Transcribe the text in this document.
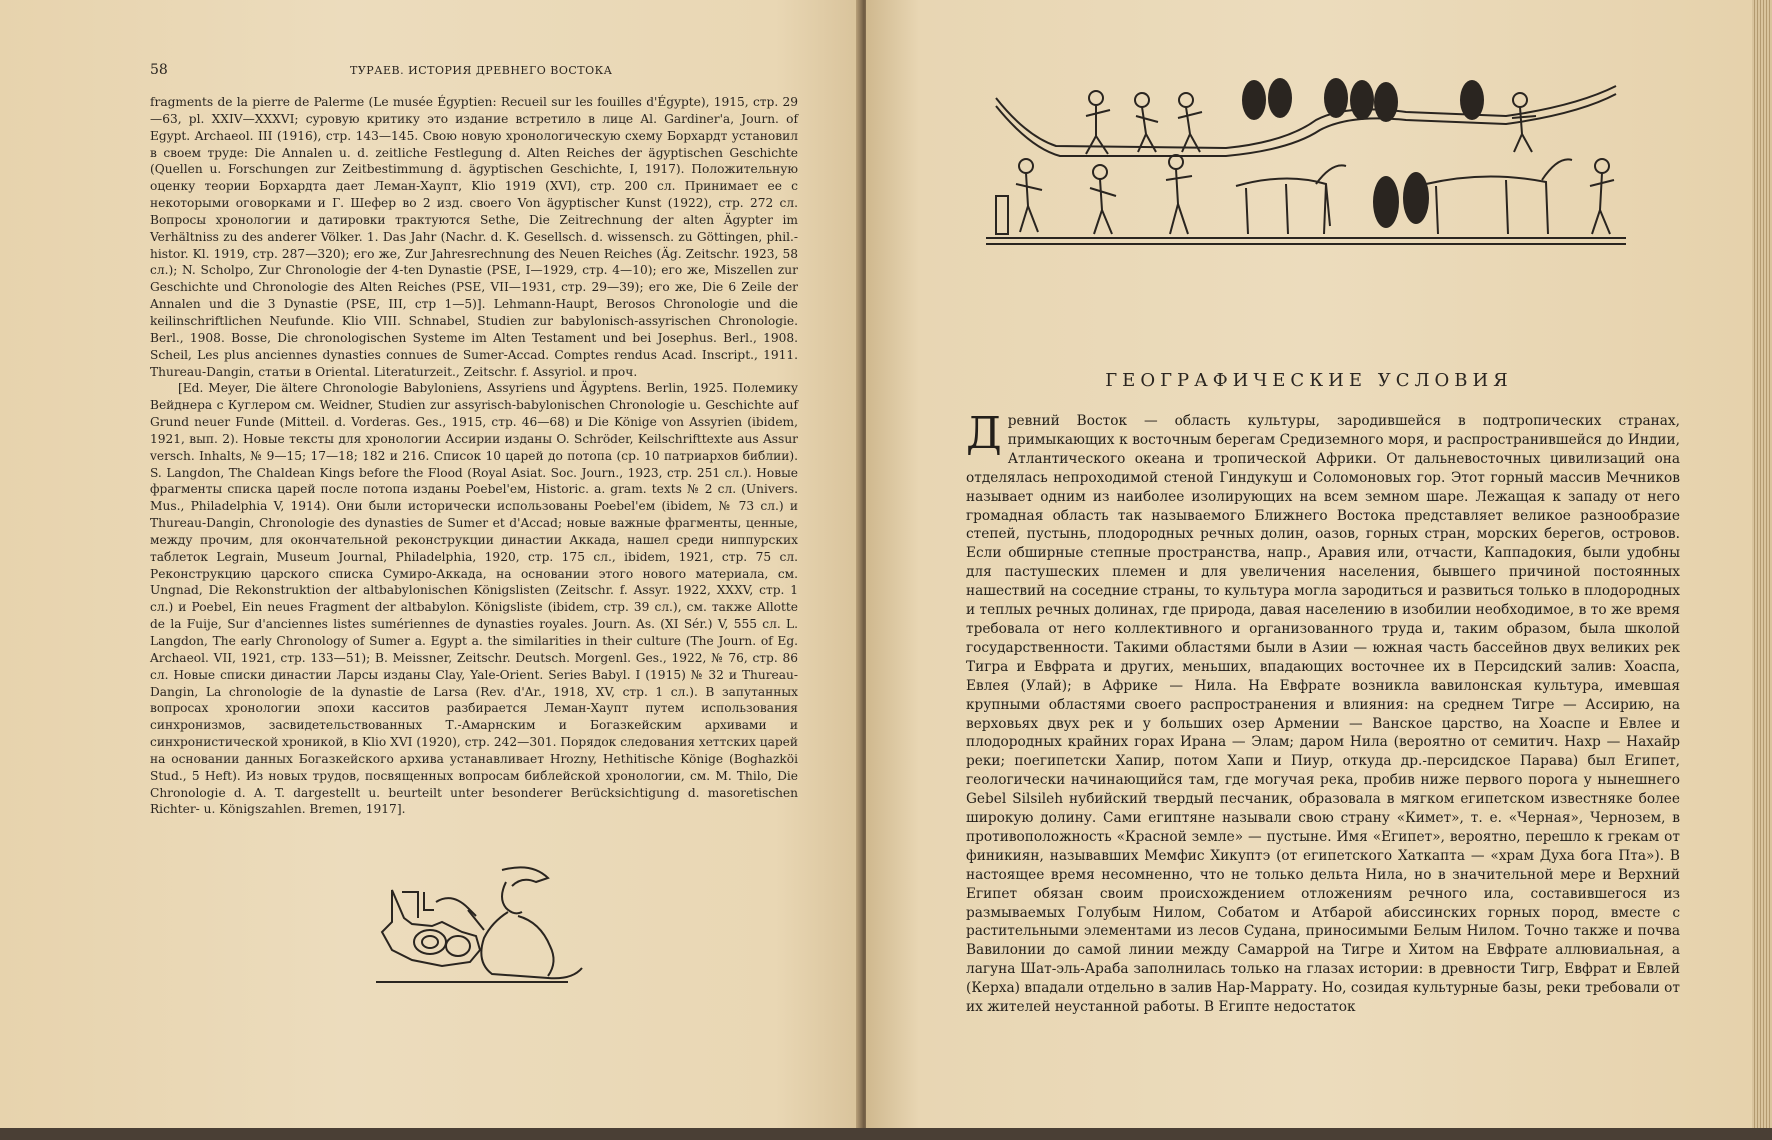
58	ТУРАЕВ. ИСТОРИЯ ДРЕВНЕГО ВОСТОКА

fragments de la pierre de Palerme (Le musée Égyptien: Recueil sur les fouilles d'Égypte), 1915, стр. 29—63, pl. XXIV—XXXVI; суровую критику это издание встретило в лице Al. Gardiner'a, Journ. of Egypt. Archaeol. III (1916), стр. 143—145. Свою новую хронологическую схему Борхардт установил в своем труде: Die Annalen u. d. zeitliche Festlegung d. Alten Reiches der ägyptischen Geschichte (Quellen u. Forschungen zur Zeitbestimmung d. ägyptischen Geschichte, I, 1917). Положительную оценку теории Борхардта дает Леман-Хаупт, Klio 1919 (XVI), стр. 200 сл. Принимает ее с некоторыми оговорками и Г. Шефер во 2 изд. своего Von ägyptischer Kunst (1922), стр. 272 сл. Вопросы хронологии и датировки трактуются Sethe, Die Zeitrechnung der alten Ägypter im Verhältniss zu des anderer Völker. 1. Das Jahr (Nachr. d. K. Gesellsch. d. wissensch. zu Göttingen, phil.-histor. Kl. 1919, стр. 287—320); его же, Zur Jahresrechnung des Neuen Reiches (Äg. Zeitschr. 1923, 58 сл.); N. Scholpo, Zur Chronologie der 4-ten Dynastie (PSE, I—1929, стр. 4—10); его же, Miszellen zur Geschichte und Chronologie des Alten Reiches (PSE, VII—1931, стр. 29—39); его же, Die 6 Zeile der Annalen und die 3 Dynastie (PSE, III, стр 1—5)]. Lehmann-Haupt, Berosos Chronologie und die keilinschriftlichen Neufunde. Klio VIII. Schnabel, Studien zur babylonisch-assyrischen Chronologie. Berl., 1908. Bosse, Die chronologischen Systeme im Alten Testament und bei Josephus. Berl., 1908. Scheil, Les plus anciennes dynasties connues de Sumer-Accad. Comptes rendus Acad. Inscript., 1911. Thureau-Dangin, статьи в Oriental. Literaturzeit., Zeitschr. f. Assyriol. и проч.

[Ed. Meyer, Die ältere Chronologie Babyloniens, Assyriens und Ägyptens. Berlin, 1925. Полемику Вейднера с Куглером см. Weidner, Studien zur assyrisch-babylonischen Chronologie u. Geschichte auf Grund neuer Funde (Mitteil. d. Vorderas. Ges., 1915, стр. 46—68) и Die Könige von Assyrien (ibidem, 1921, вып. 2). Новые тексты для хронологии Ассирии изданы O. Schröder, Keilschrifttexte aus Assur versch. Inhalts, № 9—15; 17—18; 182 и 216. Список 10 царей до потопа (ср. 10 патриархов библии). S. Langdon, The Chaldean Kings before the Flood (Royal Asiat. Soc. Journ., 1923, стр. 251 сл.). Новые фрагменты списка царей после потопа изданы Poebel'ем, Historic. a. gram. texts № 2 сл. (Univers. Mus., Philadelphia V, 1914). Они были исторически использованы Poebel'ем (ibidem, № 73 сл.) и Thureau-Dangin, Chronologie des dynasties de Sumer et d'Accad; новые важные фрагменты, ценные, между прочим, для окончательной реконструкции династии Аккада, нашел среди ниппурских таблеток Legrain, Museum Journal, Philadelphia, 1920, стр. 175 сл., ibidem, 1921, стр. 75 сл. Реконструкцию царского списка Сумиро-Аккада, на основании этого нового материала, см. Ungnad, Die Rekonstruktion der altbabylonischen Königslisten (Zeitschr. f. Assyr. 1922, XXXV, стр. 1 сл.) и Poebel, Ein neues Fragment der altbabylon. Königsliste (ibidem, стр. 39 сл.), см. также Allotte de la Fuije, Sur d'anciennes listes sumériennes de dynasties royales. Journ. As. (XI Sér.) V, 555 сл. L. Langdon, The early Chronology of Sumer a. Egypt a. the similarities in their culture (The Journ. of Eg. Archaeol. VII, 1921, стр. 133—51); B. Meissner, Zeitschr. Deutsch. Morgenl. Ges., 1922, № 76, стр. 86 сл. Новые списки династии Ларсы изданы Clay, Yale-Orient. Series Babyl. I (1915) № 32 и Thureau-Dangin, La chronologie de la dynastie de Larsa (Rev. d'Ar., 1918, XV, стр. 1 сл.). В запутанных вопросах хронологии эпохи касситов разбирается Леман-Хаупт путем использования синхронизмов, засвидетельствованных Т.-Амарнским и Богазкейским архивами и синхронистической хроникой, в Klio XVI (1920), стр. 242—301. Порядок следования хеттских царей на основании данных Богазкейского архива устанавливает Hrozny, Hethitische Könige (Boghazköi Stud., 5 Heft). Из новых трудов, посвященных вопросам библейской хронологии, см. M. Thilo, Die Chronologie d. A. T. dargestellt u. beurteilt unter besonderer Berücksichtigung d. masoretischen Richter- u. Königszahlen. Bremen, 1917].

ГЕОГРАФИЧЕСКИЕ УСЛОВИЯ
Древний Восток — область культуры, зародившейся в подтропических странах, примыкающих к восточным берегам Средиземного моря, и распространившейся до Индии, Атлантического океана и тропической Африки. От дальневосточных цивилизаций она отделялась непроходимой стеной Гиндукуш и Соломоновых гор. Этот горный массив Мечников называет одним из наиболее изолирующих на всем земном шаре. Лежащая к западу от него громадная область так называемого Ближнего Востока представляет великое разнообразие степей, пустынь, плодородных речных долин, оазов, горных стран, морских берегов, островов. Если обширные степные пространства, напр., Аравия или, отчасти, Каппадокия, были удобны для пастушеских племен и для увеличения населения, бывшего причиной постоянных нашествий на соседние страны, то культура могла зародиться и развиться только в плодородных и теплых речных долинах, где природа, давая населению в изобилии необходимое, в то же время требовала от него коллективного и организованного труда и, таким образом, была школой государственности. Такими областями были в Азии — южная часть бассейнов двух великих рек Тигра и Евфрата и других, меньших, впадающих восточнее их в Персидский залив: Хоаспа, Евлея (Улай); в Африке — Нила. На Евфрате возникла вавилонская культура, имевшая крупными областями своего распространения и влияния: на среднем Тигре — Ассирию, на верховьях двух рек и у больших озер Армении — Ванское царство, на Хоаспе и Евлее и плодородных крайних горах Ирана — Элам; даром Нила (вероятно от семитич. Нахр — Нахайр реки; поегипетски Хапир, потом Хапи и Пиур, откуда др.-персидское Парава) был Египет, геологически начинающийся там, где могучая река, пробив ниже первого порога у нынешнего Gebel Silsileh нубийский твердый песчаник, образовала в мягком египетском известняке более широкую долину. Сами египтяне называли свою страну «Кимет», т. е. «Черная», Чернозем, в противоположность «Красной земле» — пустыне. Имя «Египет», вероятно, перешло к грекам от финикиян, называвших Мемфис Хикуптэ (от египетского Хаткапта — «храм Духа бога Пта»). В настоящее время несомненно, что не только дельта Нила, но в значительной мере и Верхний Египет обязан своим происхождением отложениям речного ила, составившегося из размываемых Голубым Нилом, Собатом и Атбарой абиссинских горных пород, вместе с растительными элементами из лесов Судана, приносимыми Белым Нилом. Точно также и почва Вавилонии до самой линии между Самаррой на Тигре и Хитом на Евфрате аллювиальная, а лагуна Шат-эль-Араба заполнилась только на глазах истории: в древности Тигр, Евфрат и Евлей (Керха) впадали отдельно в залив Нар-Маррату. Но, созидая культурные базы, реки требовали от их жителей неустанной работы. В Египте недостаток
